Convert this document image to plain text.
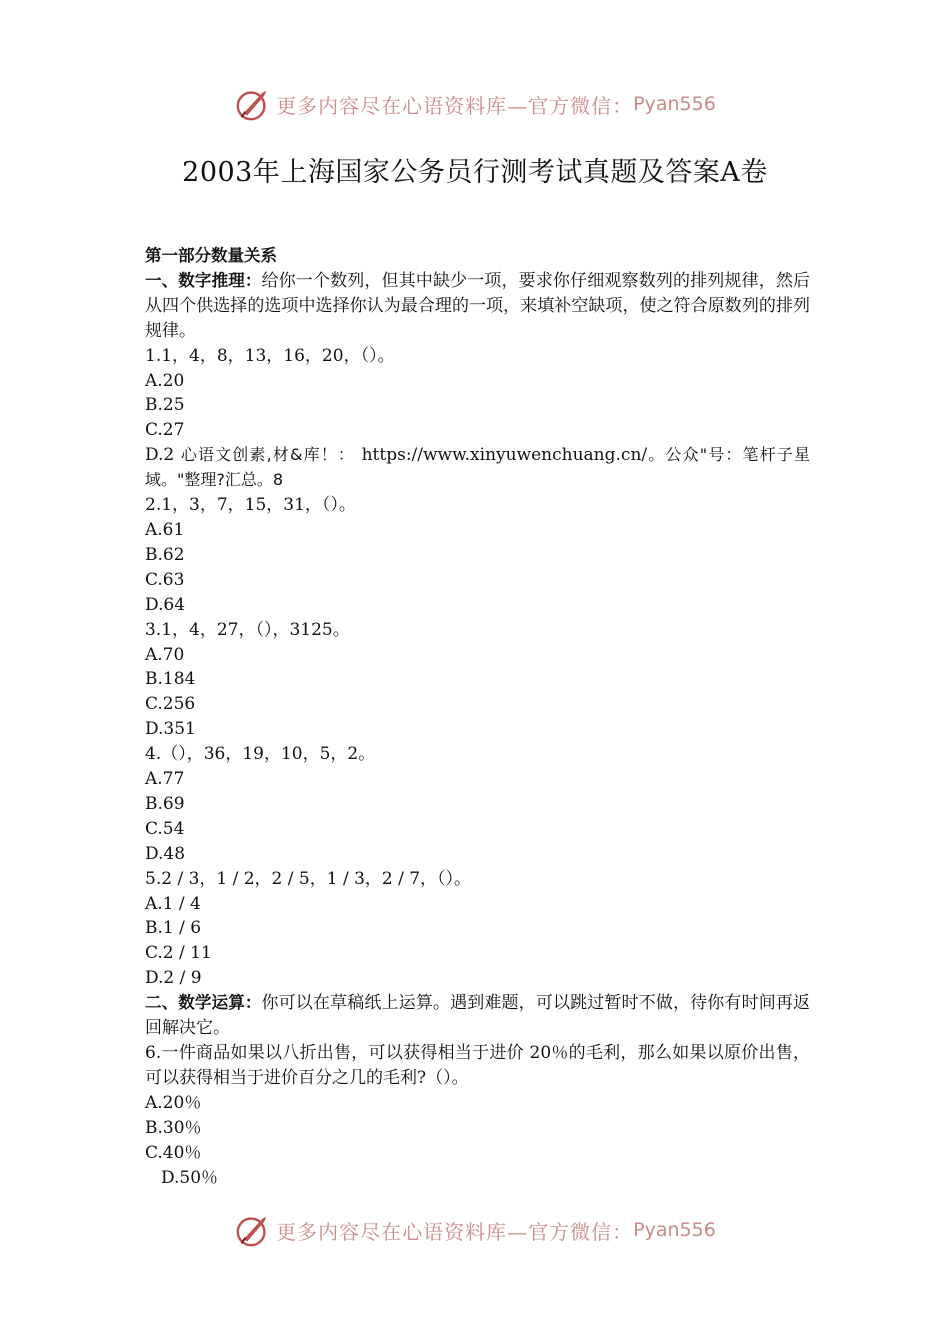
更多内容尽在心语资料库—官方微信： Pyan556
2003年上海国家公务员行测考试真题及答案A卷
第一部分数量关系
一、数字推理：给你一个数列，但其中缺少一项，要求你仔细观察数列的排列规律，然后从四个供选择的选项中选择你认为最合理的一项，来填补空缺项，使之符合原数列的排列规律。
1.1，4，8，13，16，20，（）。
A.20
B.25
C.27
D.2 心语文创素,材&库！： https://www.xinyuwenchuang.cn/。公众"号：笔杆子星域。"整理?汇总。8
2.1，3，7，15，31，（）。
A.61
B.62
C.63
D.64
3.1，4，27，（），3125。
A.70
B.184
C.256
D.351
4.（），36，19，10，5，2。
A.77
B.69
C.54
D.48
5.2 / 3，1 / 2，2 / 5，1 / 3，2 / 7，（）。
A.1 / 4
B.1 / 6
C.2 / 11
D.2 / 9
二、数学运算：你可以在草稿纸上运算。遇到难题，可以跳过暂时不做，待你有时间再返回解决它。
6.一件商品如果以八折出售，可以获得相当于进价 20％的毛利，那么如果以原价出售，可以获得相当于进价百分之几的毛利?（）。
A.20％
B.30％
C.40％
D.50％
更多内容尽在心语资料库—官方微信： Pyan556
